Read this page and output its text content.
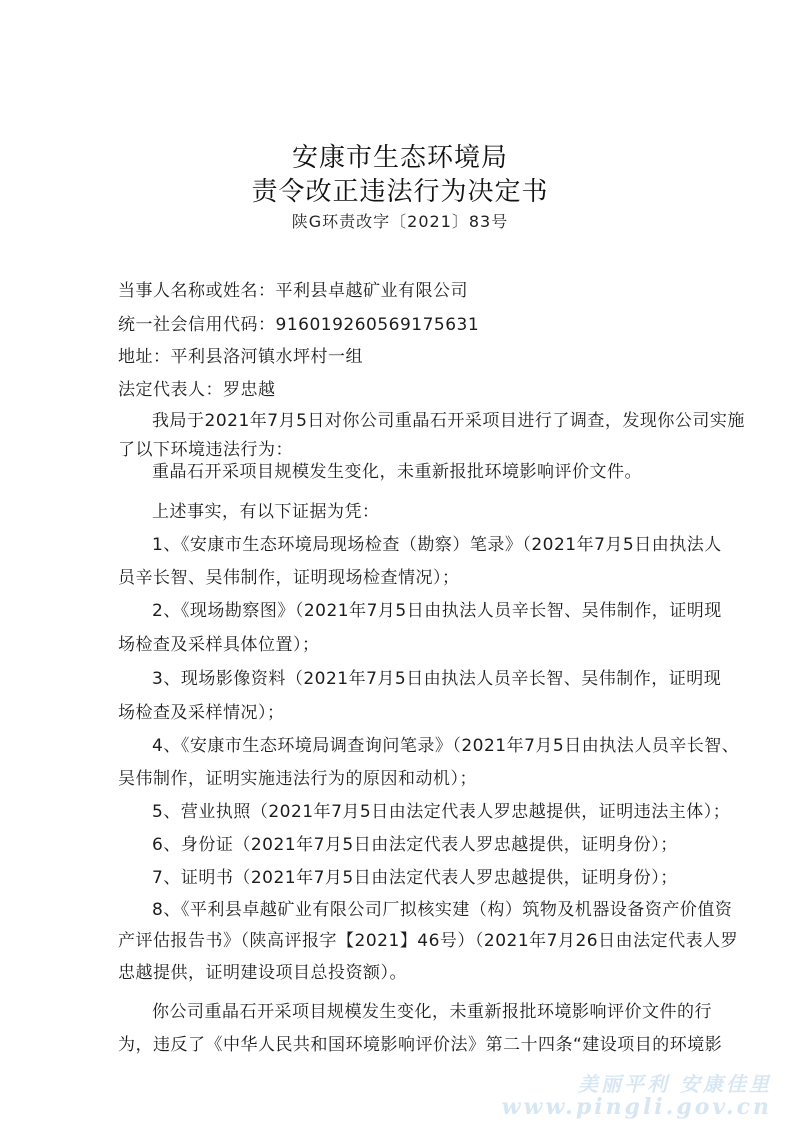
安康市生态环境局
责令改正违法行为决定书
陕G环责改字〔2021〕83号
当事人名称或姓名：平利县卓越矿业有限公司
统一社会信用代码：916019260569175631
地址：平利县洛河镇水坪村一组
法定代表人：罗忠越
我局于2021年7月5日对你公司重晶石开采项目进行了调查，发现你公司实施
了以下环境违法行为：
重晶石开采项目规模发生变化，未重新报批环境影响评价文件。
上述事实，有以下证据为凭：
1、《安康市生态环境局现场检查（勘察）笔录》（2021年7月5日由执法人
员辛长智、吴伟制作，证明现场检查情况）；
2、《现场勘察图》（2021年7月5日由执法人员辛长智、吴伟制作，证明现
场检查及采样具体位置）；
3、现场影像资料（2021年7月5日由执法人员辛长智、吴伟制作，证明现
场检查及采样情况）；
4、《安康市生态环境局调查询问笔录》（2021年7月5日由执法人员辛长智、
吴伟制作，证明实施违法行为的原因和动机）；
5、营业执照（2021年7月5日由法定代表人罗忠越提供，证明违法主体）；
6、身份证（2021年7月5日由法定代表人罗忠越提供，证明身份）；
7、证明书（2021年7月5日由法定代表人罗忠越提供，证明身份）；
8、《平利县卓越矿业有限公司厂拟核实建（构）筑物及机器设备资产价值资
产评估报告书》（陕高评报字【2021】46号）（2021年7月26日由法定代表人罗
忠越提供，证明建设项目总投资额）。
你公司重晶石开采项目规模发生变化，未重新报批环境影响评价文件的行
为，违反了《中华人民共和国环境影响评价法》第二十四条“建设项目的环境影
美丽平利 安康佳里
www.pingli.gov.cn
